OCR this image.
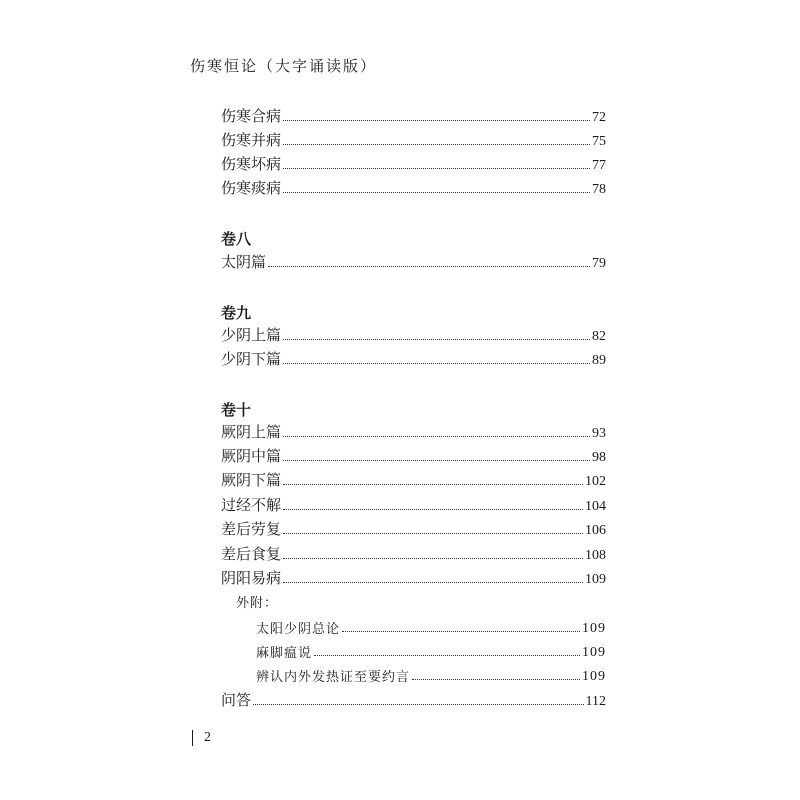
伤寒恒论（大字诵读版）
伤寒合病	72
伤寒并病	75
伤寒坏病	77
伤寒痰病	78
卷八
太阴篇	79
卷九
少阴上篇	82
少阴下篇	89
卷十
厥阴上篇	93
厥阴中篇	98
厥阴下篇	102
过经不解	104
差后劳复	106
差后食复	108
阴阳易病	109
外附：
太阳少阴总论	109
麻脚瘟说	109
辨认内外发热证至要约言	109
问答	112
2
